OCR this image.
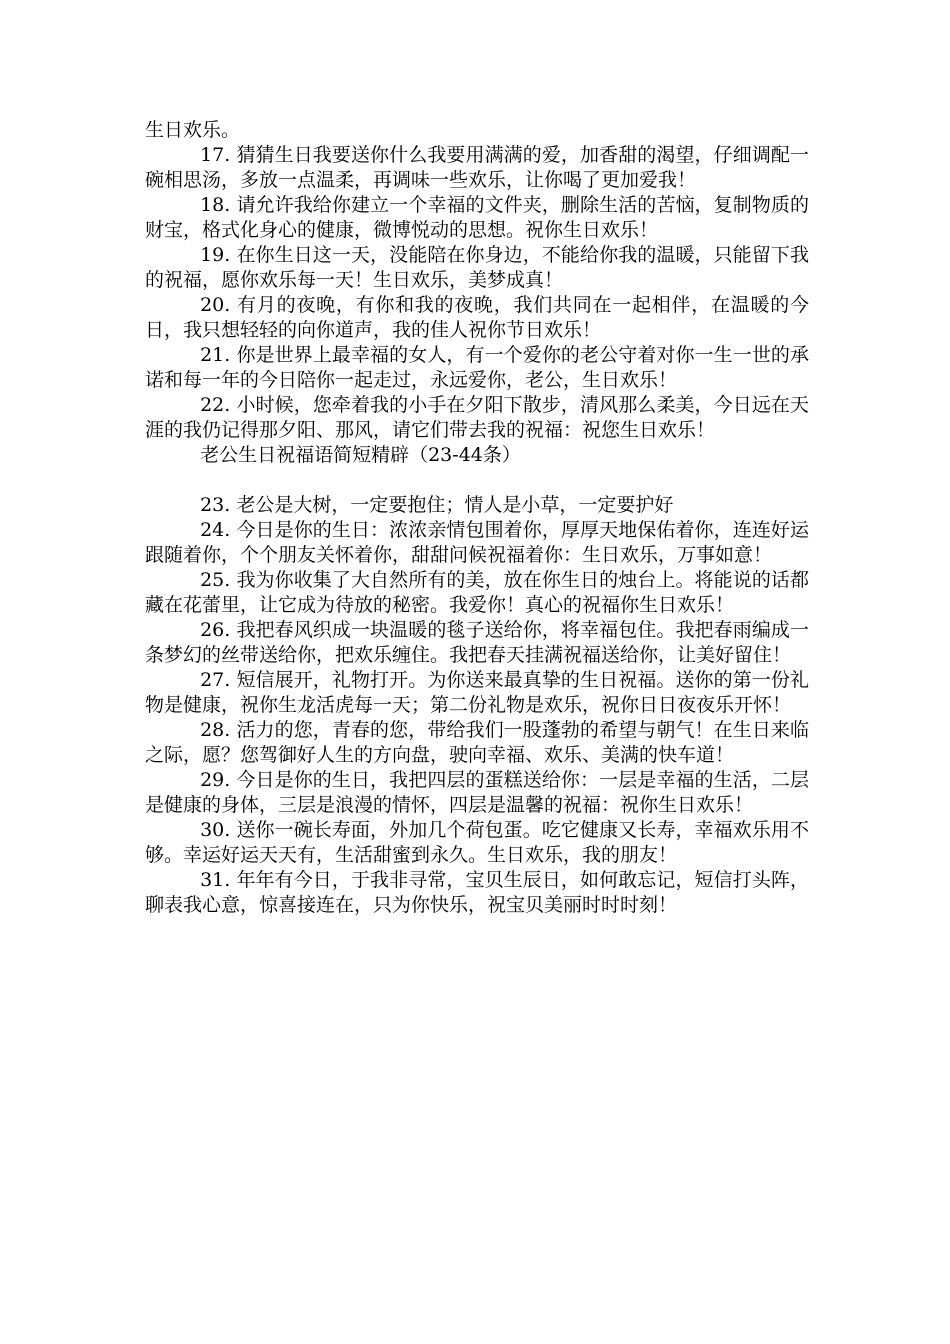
生日欢乐。

17. 猜猜生日我要送你什么我要用满满的爱，加香甜的渴望，仔细调配一碗相思汤，多放一点温柔，再调味一些欢乐，让你喝了更加爱我！

18. 请允许我给你建立一个幸福的文件夹，删除生活的苦恼，复制物质的财宝，格式化身心的健康，微博悦动的思想。祝你生日欢乐！

19. 在你生日这一天，没能陪在你身边，不能给你我的温暖，只能留下我的祝福，愿你欢乐每一天！生日欢乐，美梦成真！

20. 有月的夜晚，有你和我的夜晚，我们共同在一起相伴，在温暖的今日，我只想轻轻的向你道声，我的佳人祝你节日欢乐！

21. 你是世界上最幸福的女人，有一个爱你的老公守着对你一生一世的承诺和每一年的今日陪你一起走过，永远爱你，老公，生日欢乐！

22. 小时候，您牵着我的小手在夕阳下散步，清风那么柔美，今日远在天涯的我仍记得那夕阳、那风，请它们带去我的祝福：祝您生日欢乐！

老公生日祝福语简短精辟（23-44条）

23. 老公是大树，一定要抱住；情人是小草，一定要护好

24. 今日是你的生日：浓浓亲情包围着你，厚厚天地保佑着你，连连好运跟随着你，个个朋友关怀着你，甜甜问候祝福着你：生日欢乐，万事如意！

25. 我为你收集了大自然所有的美，放在你生日的烛台上。将能说的话都藏在花蕾里，让它成为待放的秘密。我爱你！真心的祝福你生日欢乐！

26. 我把春风织成一块温暖的毯子送给你，将幸福包住。我把春雨编成一条梦幻的丝带送给你，把欢乐缠住。我把春天挂满祝福送给你，让美好留住！

27. 短信展开，礼物打开。为你送来最真挚的生日祝福。送你的第一份礼物是健康，祝你生龙活虎每一天；第二份礼物是欢乐，祝你日日夜夜乐开怀！

28. 活力的您，青春的您，带给我们一股蓬勃的希望与朝气！在生日来临之际，愿？您驾御好人生的方向盘，驶向幸福、欢乐、美满的快车道！

29. 今日是你的生日，我把四层的蛋糕送给你：一层是幸福的生活，二层是健康的身体，三层是浪漫的情怀，四层是温馨的祝福：祝你生日欢乐！

30. 送你一碗长寿面，外加几个荷包蛋。吃它健康又长寿，幸福欢乐用不够。幸运好运天天有，生活甜蜜到永久。生日欢乐，我的朋友！

31. 年年有今日，于我非寻常，宝贝生辰日，如何敢忘记，短信打头阵，聊表我心意，惊喜接连在，只为你快乐，祝宝贝美丽时时时刻！
